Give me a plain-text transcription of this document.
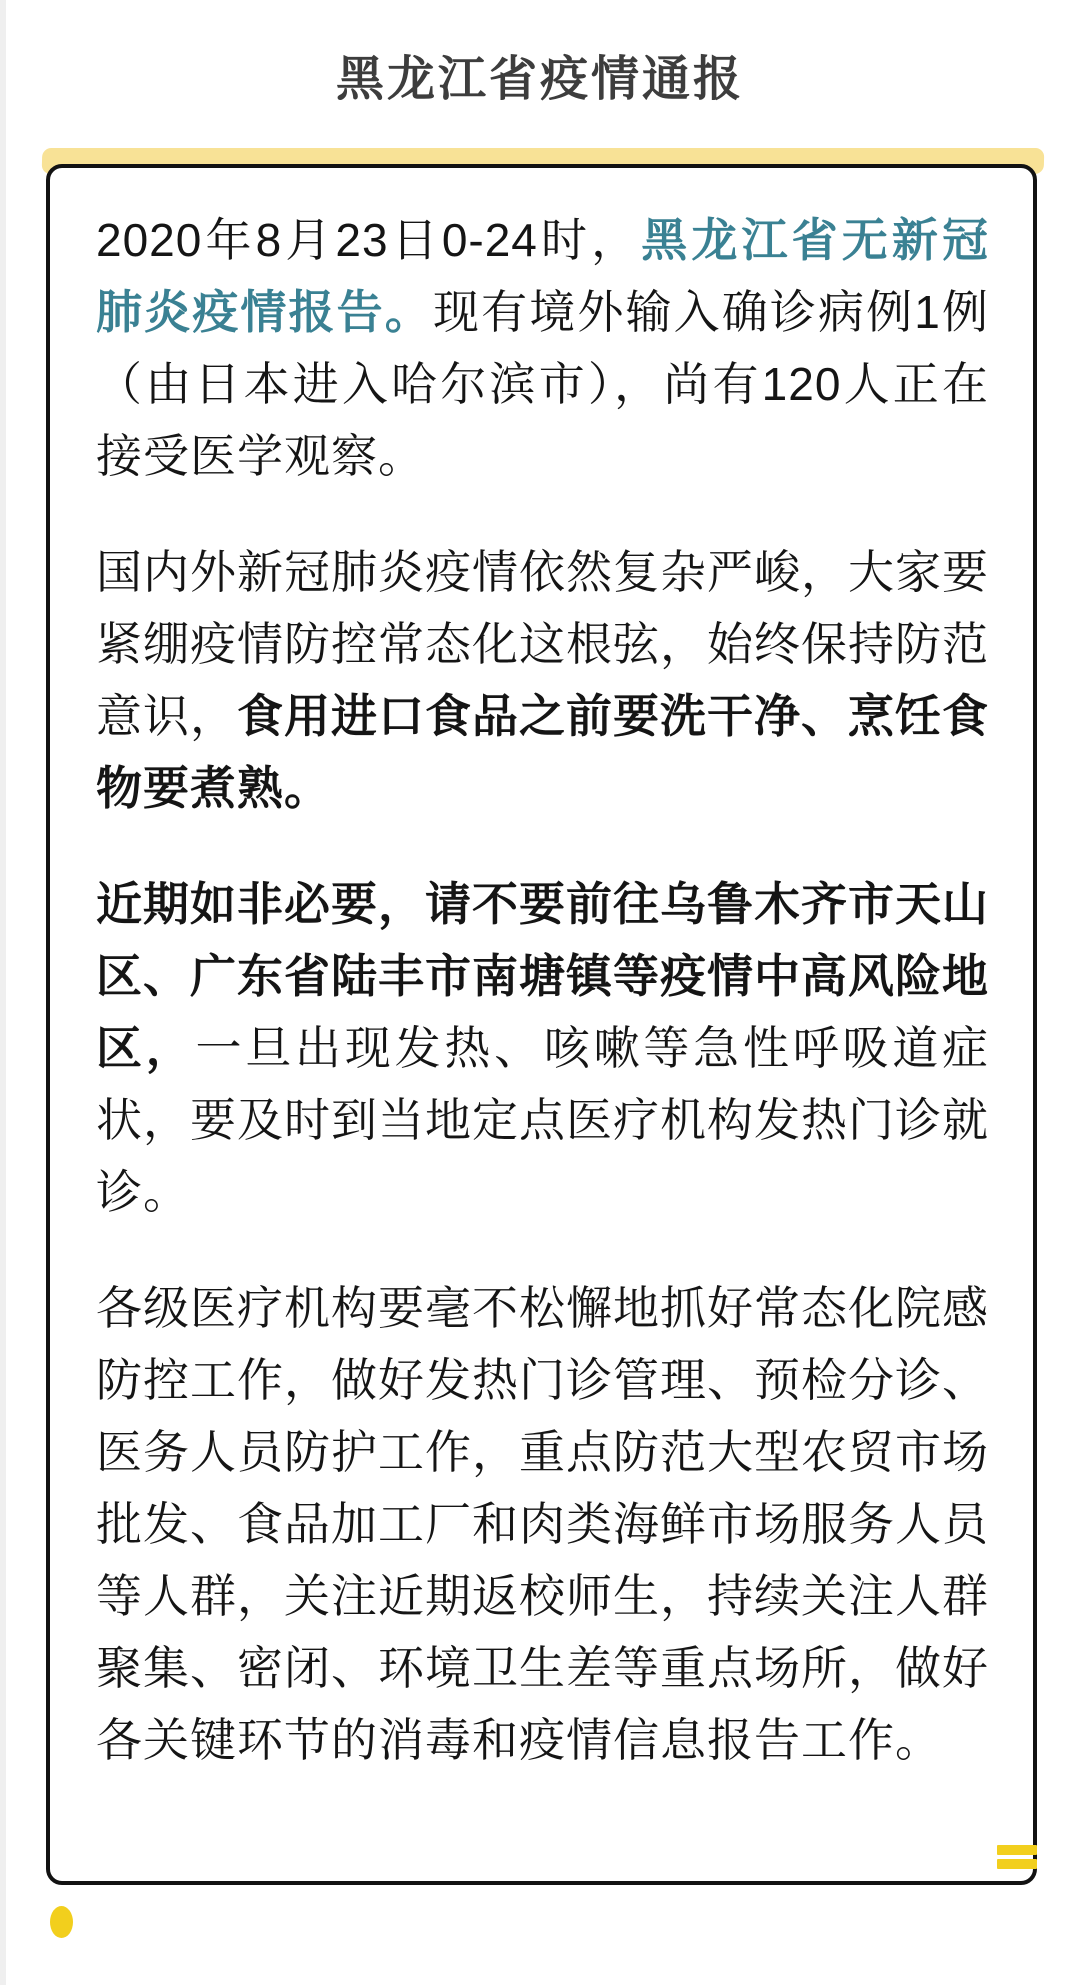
黑龙江省疫情通报

2020年8月23日0-24时，黑龙江省无新冠肺炎疫情报告。现有境外输入确诊病例1例（由日本进入哈尔滨市），尚有120人正在接受医学观察。

国内外新冠肺炎疫情依然复杂严峻，大家要紧绷疫情防控常态化这根弦，始终保持防范意识，食用进口食品之前要洗干净、烹饪食物要煮熟。

近期如非必要，请不要前往乌鲁木齐市天山区、广东省陆丰市南塘镇等疫情中高风险地区，一旦出现发热、咳嗽等急性呼吸道症状，要及时到当地定点医疗机构发热门诊就诊。

各级医疗机构要毫不松懈地抓好常态化院感防控工作，做好发热门诊管理、预检分诊、医务人员防护工作，重点防范大型农贸市场批发、食品加工厂和肉类海鲜市场服务人员等人群，关注近期返校师生，持续关注人群聚集、密闭、环境卫生差等重点场所，做好各关键环节的消毒和疫情信息报告工作。
